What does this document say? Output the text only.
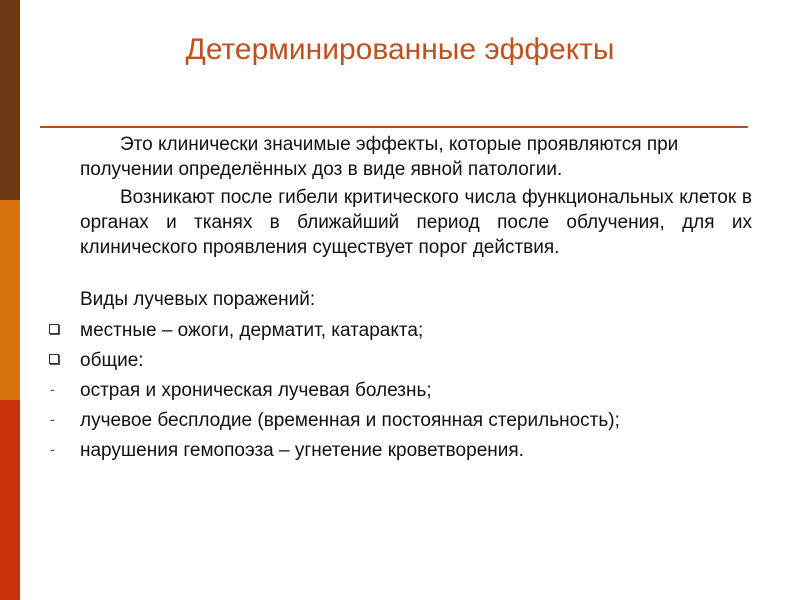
Детерминированные эффекты

Это клинически значимые эффекты, которые проявляются при получении определённых доз в виде явной патологии.

Возникают после гибели критического числа функциональных клеток в органах и тканях в ближайший период после облучения, для их клинического проявления существует порог действия.

Виды лучевых поражений:

местные – ожоги, дерматит, катаракта;
общие:
- острая и хроническая лучевая болезнь;
- лучевое бесплодие (временная и постоянная стерильность);
- нарушения гемопоэза – угнетение кроветворения.
